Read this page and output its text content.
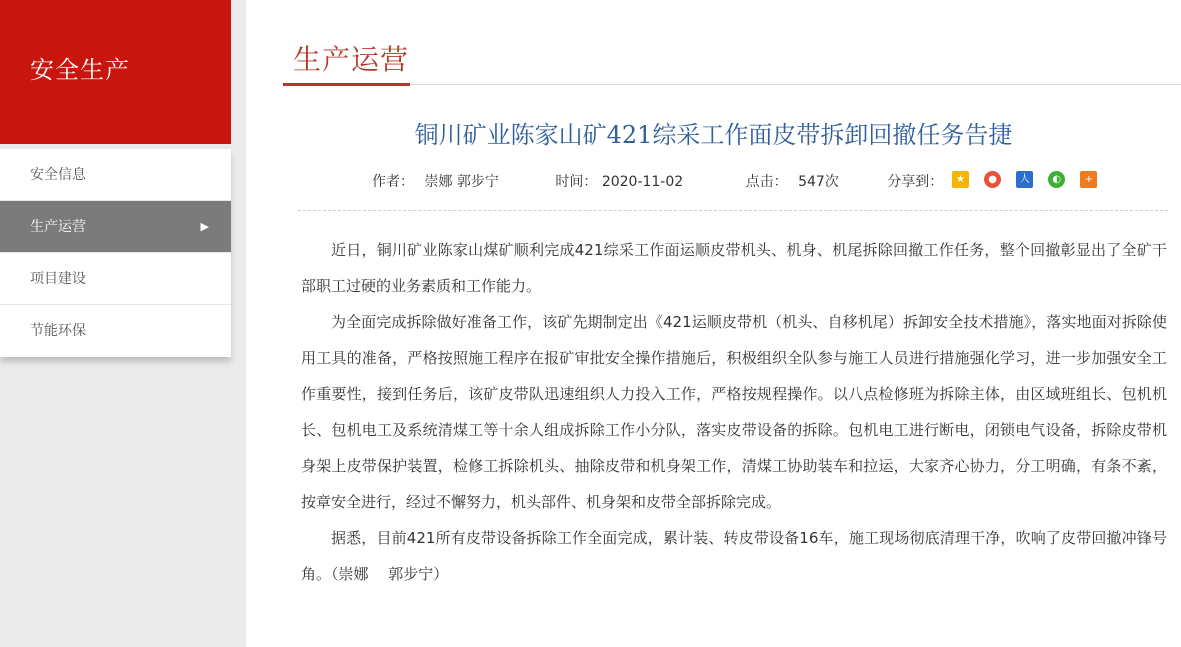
安全生产
安全信息
生产运营	▶
项目建设
节能环保
生产运营
铜川矿业陈家山矿421综采工作面皮带拆卸回撤任务告捷
作者： 崇娜 郭步宁	时间： 2020-11-02	点击： 547次	分享到：	★ ● 人 ◐ +

近日，铜川矿业陈家山煤矿顺利完成421综采工作面运顺皮带机头、机身、机尾拆除回撤工作任务，整个回撤彰显出了全矿干部职工过硬的业务素质和工作能力。

为全面完成拆除做好准备工作，该矿先期制定出《421运顺皮带机（机头、自移机尾）拆卸安全技术措施》，落实地面对拆除使用工具的准备，严格按照施工程序在报矿审批安全操作措施后，积极组织全队参与施工人员进行措施强化学习，进一步加强安全工作重要性，接到任务后，该矿皮带队迅速组织人力投入工作，严格按规程操作。以八点检修班为拆除主体，由区域班组长、包机机长、包机电工及系统清煤工等十余人组成拆除工作小分队，落实皮带设备的拆除。包机电工进行断电，闭锁电气设备，拆除皮带机身架上皮带保护装置，检修工拆除机头、抽除皮带和机身架工作，清煤工协助装车和拉运，大家齐心协力，分工明确，有条不紊，按章安全进行，经过不懈努力，机头部件、机身架和皮带全部拆除完成。

据悉，目前421所有皮带设备拆除工作全面完成，累计装、转皮带设备16车，施工现场彻底清理干净，吹响了皮带回撤冲锋号角。（崇娜　 郭步宁）
